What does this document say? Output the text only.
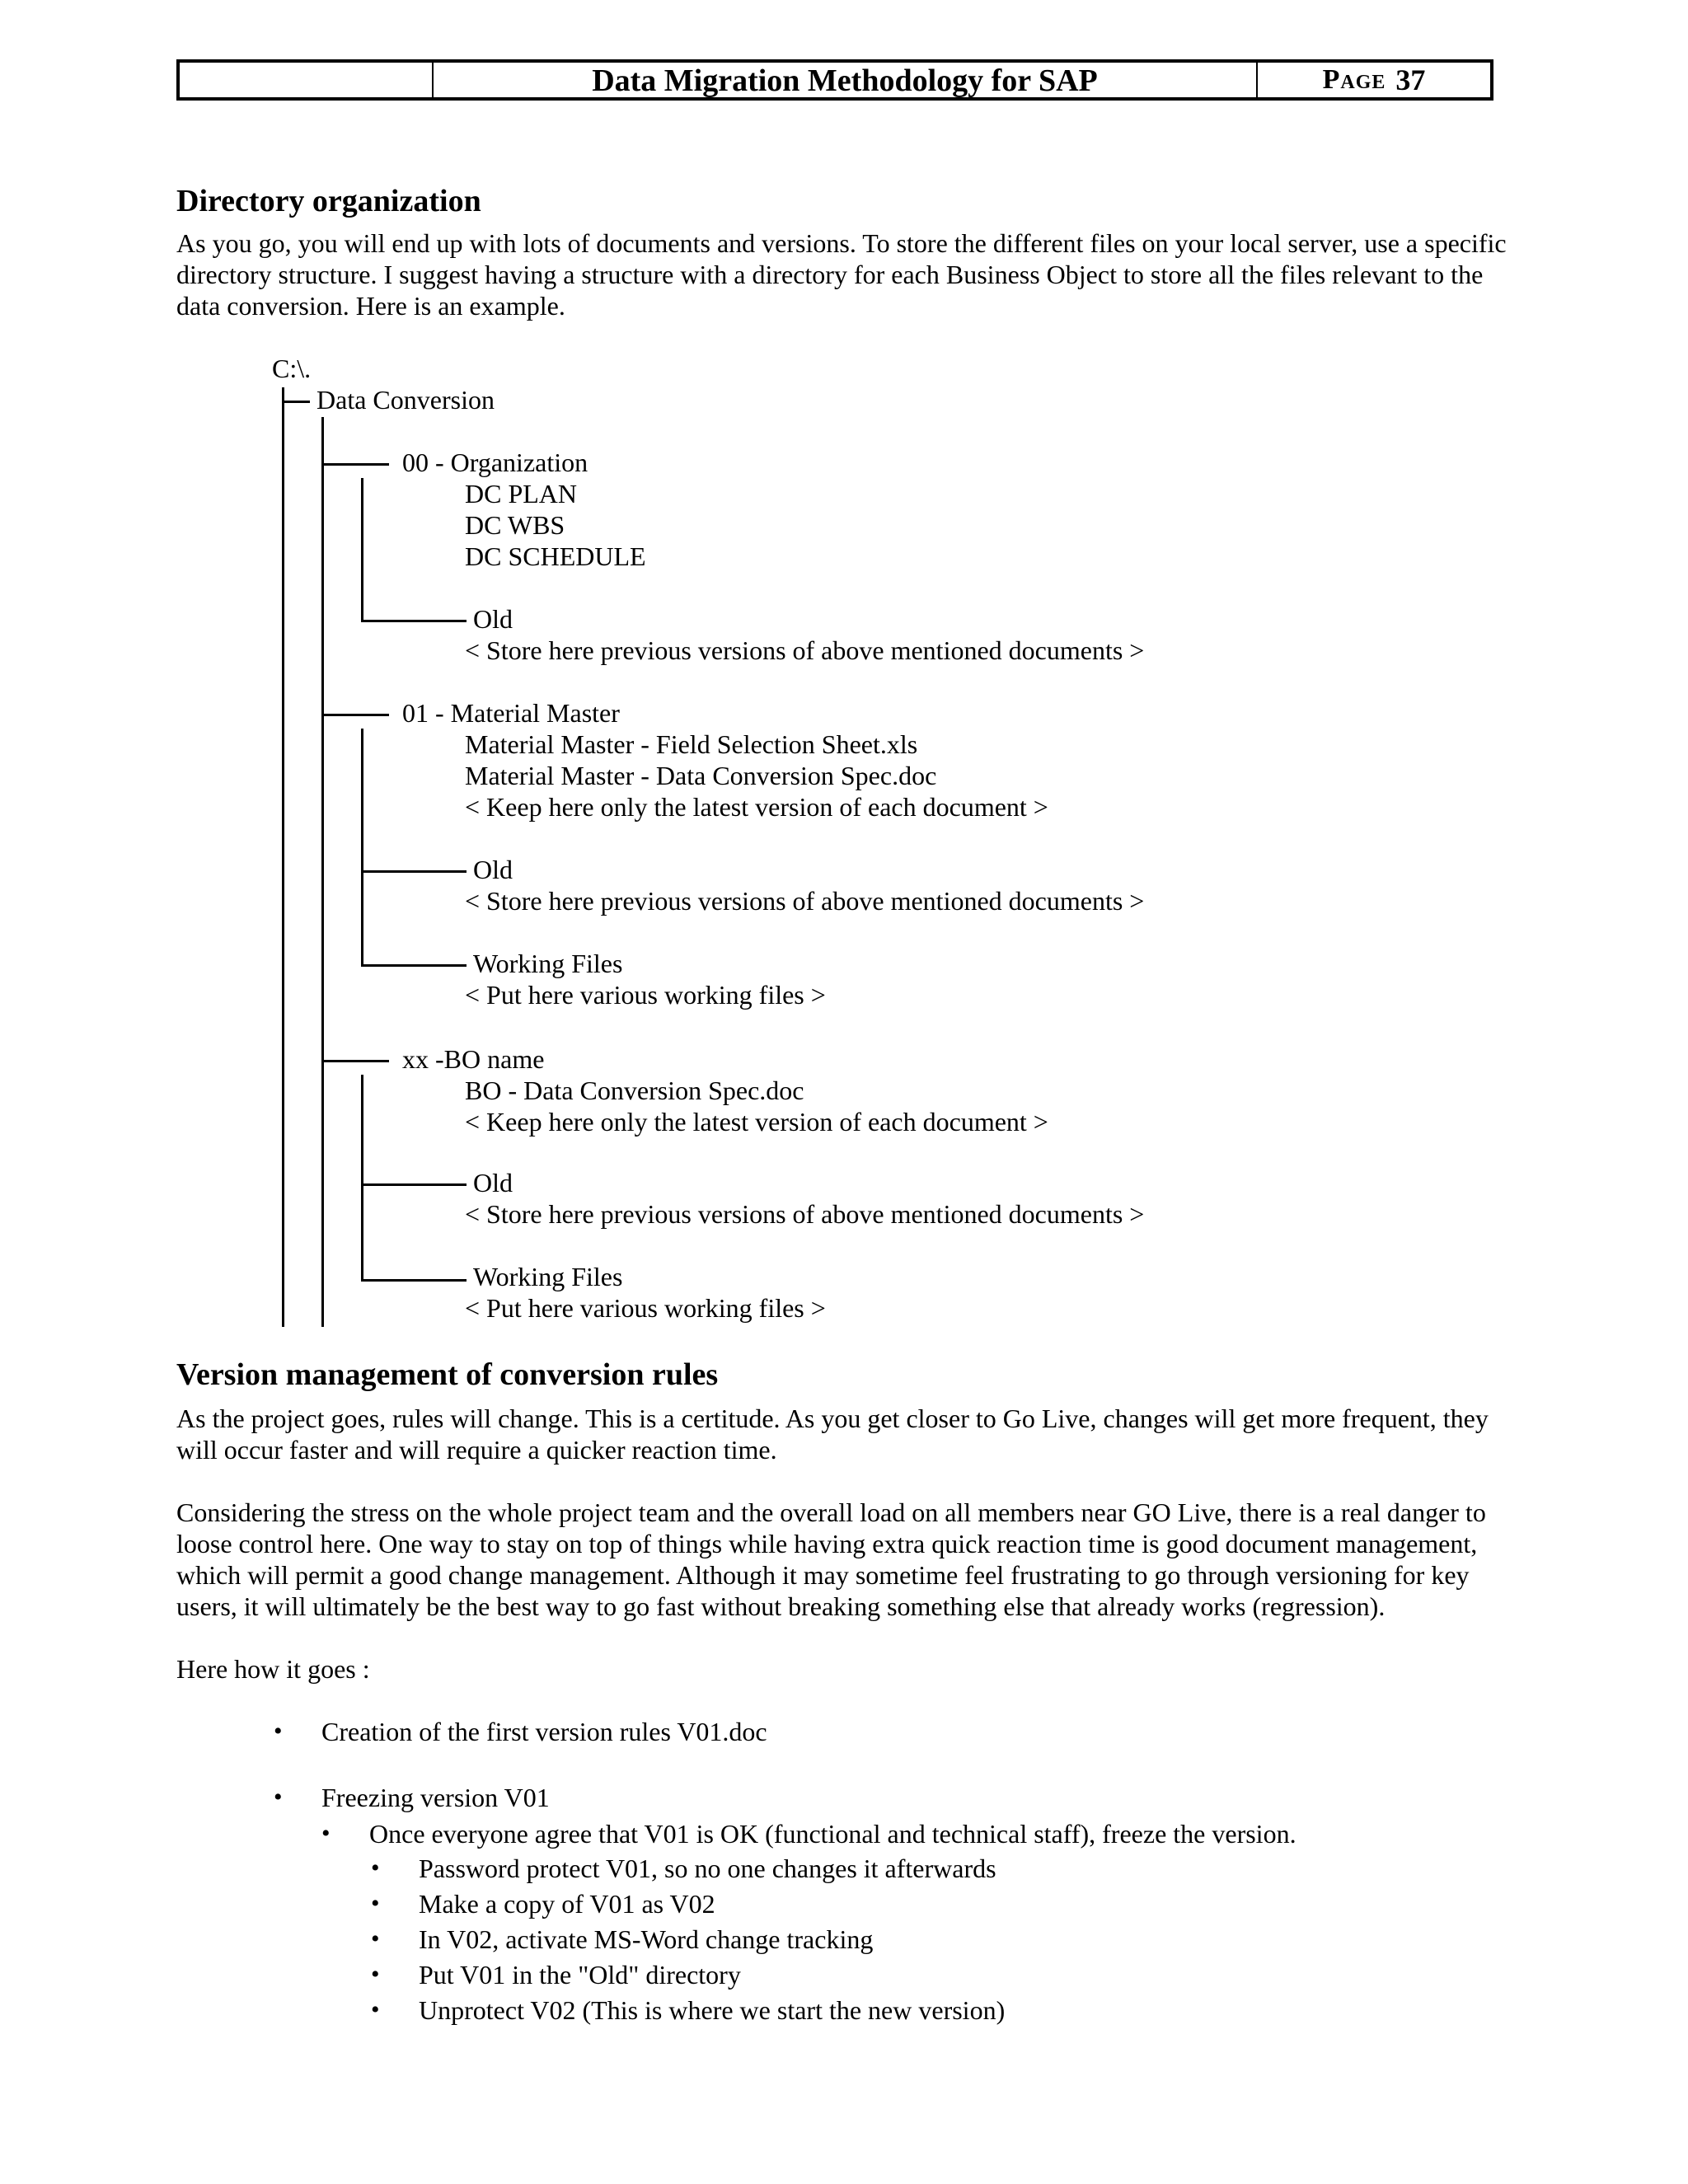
Data Migration Methodology for SAP	Page 37
Directory organization

As you go, you will end up with lots of documents and versions. To store the different files on your local server, use a specific directory structure. I suggest having a structure with a directory for each Business Object to store all the files relevant to the data conversion. Here is an example.

C:\.

Data Conversion

00 - Organization

DC PLAN

DC WBS

DC SCHEDULE

Old

< Store here previous versions of above mentioned documents >

01 - Material Master

Material Master - Field Selection Sheet.xls

Material Master - Data Conversion Spec.doc

< Keep here only the latest version of each document >

Old

< Store here previous versions of above mentioned documents >

Working Files

< Put here various working files >

xx -BO name

BO - Data Conversion Spec.doc

< Keep here only the latest version of each document >

Old

< Store here previous versions of above mentioned documents >

Working Files

< Put here various working files >

Version management of conversion rules

As the project goes, rules will change. This is a certitude. As you get closer to Go Live, changes will get more frequent, they will occur faster and will require a quicker reaction time.

Considering the stress on the whole project team and the overall load on all members near GO Live, there is a real danger to loose control here. One way to stay on top of things while having extra quick reaction time is good document management, which will permit a good change management. Although it may sometime feel frustrating to go through versioning for key users, it will ultimately be the best way to go fast without breaking something else that already works (regression).

Here how it goes :

• Creation of the first version rules V01.doc
• Freezing version V01
• Once everyone agree that V01 is OK (functional and technical staff), freeze the version.
• Password protect V01, so no one changes it afterwards
• Make a copy of V01 as V02
• In V02, activate MS-Word change tracking
• Put V01 in the "Old" directory
• Unprotect V02 (This is where we start the new version)
